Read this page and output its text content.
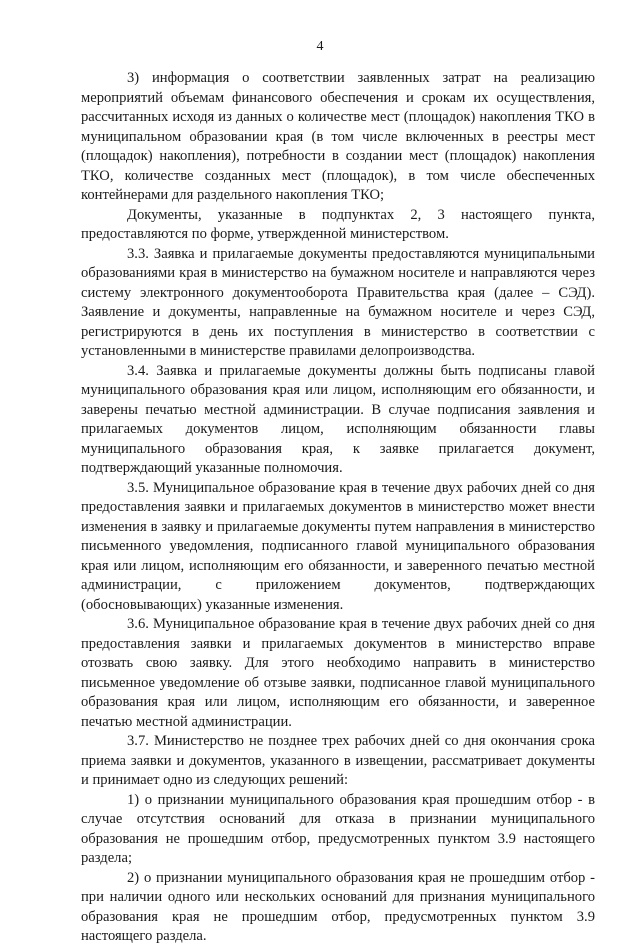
4

3) информация о соответствии заявленных затрат на реализацию мероприятий объемам финансового обеспечения и срокам их осуществления, рассчитанных исходя из данных о количестве мест (площадок) накопления ТКО в муниципальном образовании края (в том числе включенных в реестры мест (площадок) накопления), потребности в создании мест (площадок) накопления ТКО, количестве созданных мест (площадок), в том числе обеспеченных контейнерами для раздельного накопления ТКО;

Документы, указанные в подпунктах 2, 3 настоящего пункта, предоставляются по форме, утвержденной министерством.

3.3. Заявка и прилагаемые документы предоставляются муниципальными образованиями края в министерство на бумажном носителе и направляются через систему электронного документооборота Правительства края (далее – СЭД). Заявление и документы, направленные на бумажном носителе и через СЭД, регистрируются в день их поступления в министерство в соответствии с установленными в министерстве правилами делопроизводства.

3.4. Заявка и прилагаемые документы должны быть подписаны главой муниципального образования края или лицом, исполняющим его обязанности, и заверены печатью местной администрации. В случае подписания заявления и прилагаемых документов лицом, исполняющим обязанности главы муниципального образования края, к заявке прилагается документ, подтверждающий указанные полномочия.

3.5. Муниципальное образование края в течение двух рабочих дней со дня предоставления заявки и прилагаемых документов в министерство может внести изменения в заявку и прилагаемые документы путем направления в министерство письменного уведомления, подписанного главой муниципального образования края или лицом, исполняющим его обязанности, и заверенного печатью местной администрации, с приложением документов, подтверждающих (обосновывающих) указанные изменения.

3.6. Муниципальное образование края в течение двух рабочих дней со дня предоставления заявки и прилагаемых документов в министерство вправе отозвать свою заявку. Для этого необходимо направить в министерство письменное уведомление об отзыве заявки, подписанное главой муниципального образования края или лицом, исполняющим его обязанности, и заверенное печатью местной администрации.

3.7. Министерство не позднее трех рабочих дней со дня окончания срока приема заявки и документов, указанного в извещении, рассматривает документы и принимает одно из следующих решений:

1) о признании муниципального образования края прошедшим отбор - в случае отсутствия оснований для отказа в признании муниципального образования не прошедшим отбор, предусмотренных пунктом 3.9 настоящего раздела;

2) о признании муниципального образования края не прошедшим отбор - при наличии одного или нескольких оснований для признания муниципального образования края не прошедшим отбор, предусмотренных пунктом 3.9 настоящего раздела.
